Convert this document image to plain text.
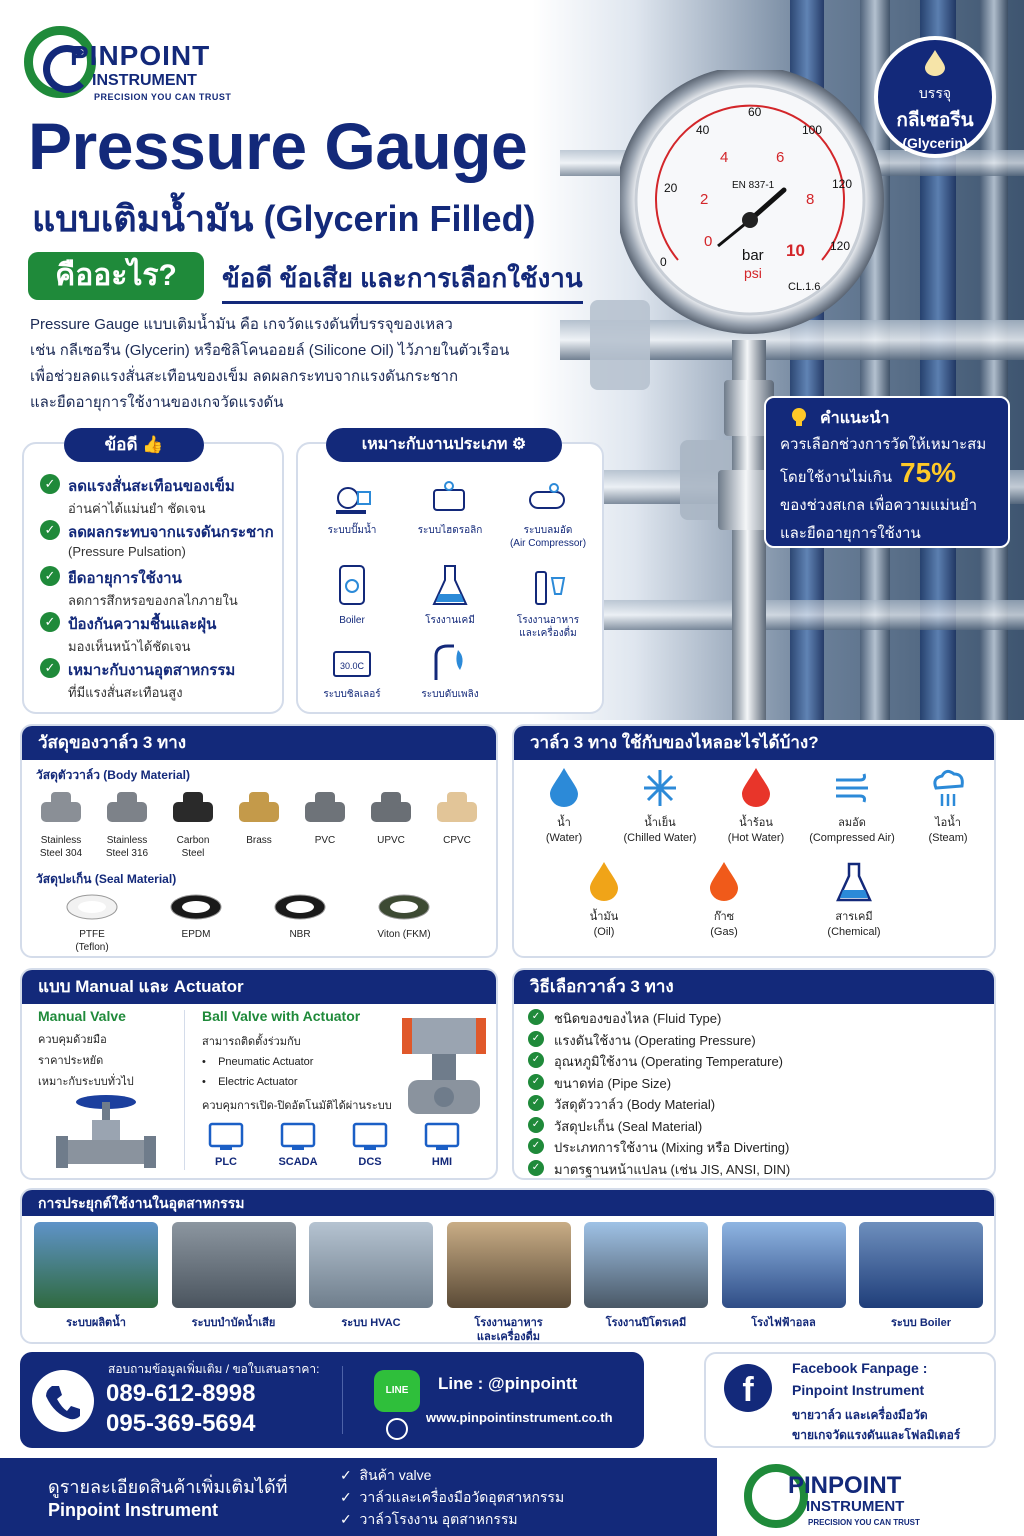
PINPOINT
INSTRUMENT
PRECISION YOU CAN TRUST
Pressure Gauge
แบบเติมน้ำมัน (Glycerin Filled)
คืออะไร?	ข้อดี ข้อเสีย และการเลือกใช้งาน

Pressure Gauge แบบเติมน้ำมัน คือ เกจวัดแรงดันที่บรรจุของเหลว

เช่น กลีเซอรีน (Glycerin) หรือซิลิโคนออยล์ (Silicone Oil) ไว้ภายในตัวเรือน

เพื่อช่วยลดแรงสั่นสะเทือนของเข็ม ลดผลกระทบจากแรงดันกระชาก

และยืดอายุการใช้งานของเกจวัดแรงดัน

0
20
40
60
100
120
120
0
2
4	6
8
10
EN 837-1
bar
psi
CL.1.6
บรรจุ
กลีเซอรีน
(Glycerin)
คำแนะนำ
ควรเลือกช่วงการวัดให้เหมาะสม
โดยใช้งานไม่เกิน 75%
ของช่วงสเกล เพื่อความแม่นยำ
และยืดอายุการใช้งาน
✓ ลดแรงสั่นสะเทือนของเข็ม
อ่านค่าได้แม่นยำ ชัดเจน
✓ ลดผลกระทบจากแรงดันกระชาก
(Pressure Pulsation)
✓ ยืดอายุการใช้งาน
ลดการสึกหรอของกลไกภายใน
✓ ป้องกันความชื้นและฝุ่น
มองเห็นหน้าได้ชัดเจน
✓ เหมาะกับงานอุตสาหกรรม
ที่มีแรงสั่นสะเทือนสูง
ข้อดี 👍
ระบบปั๊มน้ำ	ระบบไฮดรอลิก	ระบบลมอัด
(Air Compressor)
Boiler	โรงงานเคมี	โรงงานอาหาร
และเครื่องดื่ม
30.0C
ระบบชิลเลอร์	ระบบดับเพลิง
เหมาะกับงานประเภท ⚙
วัสดุของวาล์ว 3 ทาง
วัสดุตัววาล์ว (Body Material)
วัสดุปะเก็น (Seal Material)
Stainless
Steel 304
Stainless
Steel 316
Carbon
Steel
Brass	PVC	UPVC	CPVC
PTFE
(Teflon)
EPDM	NBR	Viton (FKM)
วาล์ว 3 ทาง ใช้กับของไหลอะไรได้บ้าง?
น้ำ
(Water)
น้ำเย็น
(Chilled Water)
น้ำร้อน
(Hot Water)
ลมอัด
(Compressed Air)
ไอน้ำ
(Steam)
น้ำมัน
(Oil)
ก๊าซ
(Gas)
สารเคมี
(Chemical)
แบบ Manual และ Actuator
Manual Valve
ควบคุมด้วยมือ
ราคาประหยัด
เหมาะกับระบบทั่วไป
Ball Valve with Actuator
สามารถติดตั้งร่วมกับ
•    Pneumatic Actuator
•    Electric Actuator
ควบคุมการเปิด-ปิดอัตโนมัติได้ผ่านระบบ
PLC	SCADA	DCS	HMI
วิธีเลือกวาล์ว 3 ทาง
✓ ชนิดของของไหล (Fluid Type)
✓ แรงดันใช้งาน (Operating Pressure)
✓ อุณหภูมิใช้งาน (Operating Temperature)
✓ ขนาดท่อ (Pipe Size)
✓ วัสดุตัววาล์ว (Body Material)
✓ วัสดุปะเก็น (Seal Material)
✓ ประเภทการใช้งาน (Mixing หรือ Diverting)
✓ มาตรฐานหน้าแปลน (เช่น JIS, ANSI, DIN)
การประยุกต์ใช้งานในอุตสาหกรรม
ระบบผลิตน้ำ	ระบบบำบัดน้ำเสีย	ระบบ HVAC	โรงงานอาหาร
และเครื่องดื่ม
โรงงานปิโตรเคมี	โรงไฟฟ้าอลล	ระบบ Boiler
สอบถามข้อมูลเพิ่มเติม / ขอใบเสนอราคา:
089-612-8998
095-369-5694
LINE	Line : @pinpointt
www.pinpointinstrument.co.th
f
Facebook Fanpage :
Pinpoint Instrument
ขายวาล์ว และเครื่องมือวัด
ขายเกจวัดแรงดันและโฟลมิเตอร์
ดูรายละเอียดสินค้าเพิ่มเติมได้ที่
Pinpoint Instrument
✓  สินค้า valve
✓  วาล์วและเครื่องมือวัดอุตสาหกรรม
✓  วาล์วโรงงาน อุตสาหกรรม
PINPOINT
INSTRUMENT
PRECISION YOU CAN TRUST
